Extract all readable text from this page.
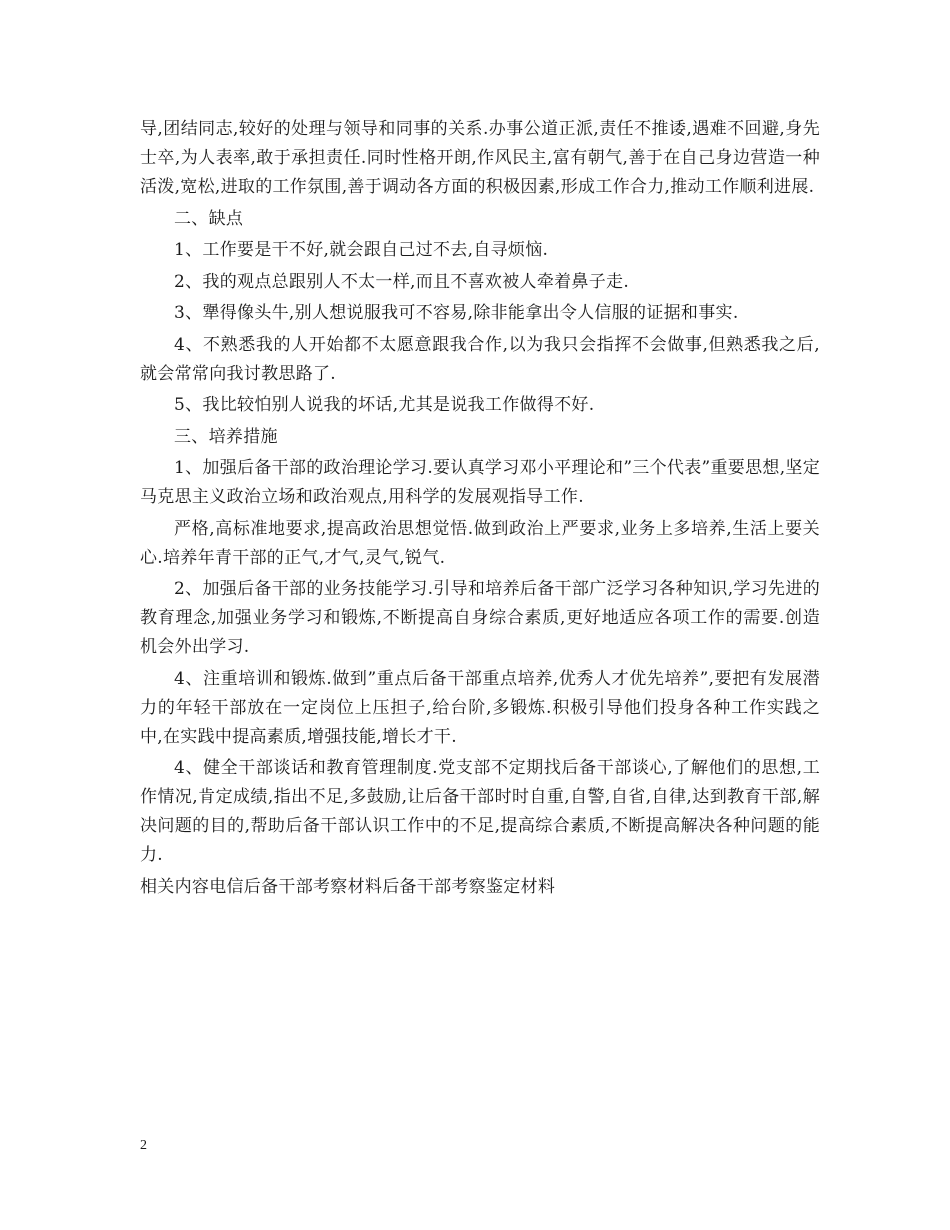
导,团结同志,较好的处理与领导和同事的关系.办事公道正派,责任不推诿,遇难不回避,身先士卒,为人表率,敢于承担责任.同时性格开朗,作风民主,富有朝气,善于在自己身边营造一种活泼,宽松,进取的工作氛围,善于调动各方面的积极因素,形成工作合力,推动工作顺利进展.

二、缺点

1、工作要是干不好,就会跟自己过不去,自寻烦恼.

2、我的观点总跟别人不太一样,而且不喜欢被人牵着鼻子走.

3、犟得像头牛,别人想说服我可不容易,除非能拿出令人信服的证据和事实.

4、不熟悉我的人开始都不太愿意跟我合作,以为我只会指挥不会做事,但熟悉我之后,就会常常向我讨教思路了.

5、我比较怕别人说我的坏话,尤其是说我工作做得不好.

三、培养措施

1、加强后备干部的政治理论学习.要认真学习邓小平理论和”三个代表”重要思想,坚定马克思主义政治立场和政治观点,用科学的发展观指导工作.

严格,高标准地要求,提高政治思想觉悟.做到政治上严要求,业务上多培养,生活上要关心.培养年青干部的正气,才气,灵气,锐气.

2、加强后备干部的业务技能学习.引导和培养后备干部广泛学习各种知识,学习先进的教育理念,加强业务学习和锻炼,不断提高自身综合素质,更好地适应各项工作的需要.创造机会外出学习.

4、注重培训和锻炼.做到”重点后备干部重点培养,优秀人才优先培养”,要把有发展潜力的年轻干部放在一定岗位上压担子,给台阶,多锻炼.积极引导他们投身各种工作实践之中,在实践中提高素质,增强技能,增长才干.

4、健全干部谈话和教育管理制度.党支部不定期找后备干部谈心,了解他们的思想,工作情况,肯定成绩,指出不足,多鼓励,让后备干部时时自重,自警,自省,自律,达到教育干部,解决问题的目的,帮助后备干部认识工作中的不足,提高综合素质,不断提高解决各种问题的能力.

相关内容电信后备干部考察材料后备干部考察鉴定材料

2
